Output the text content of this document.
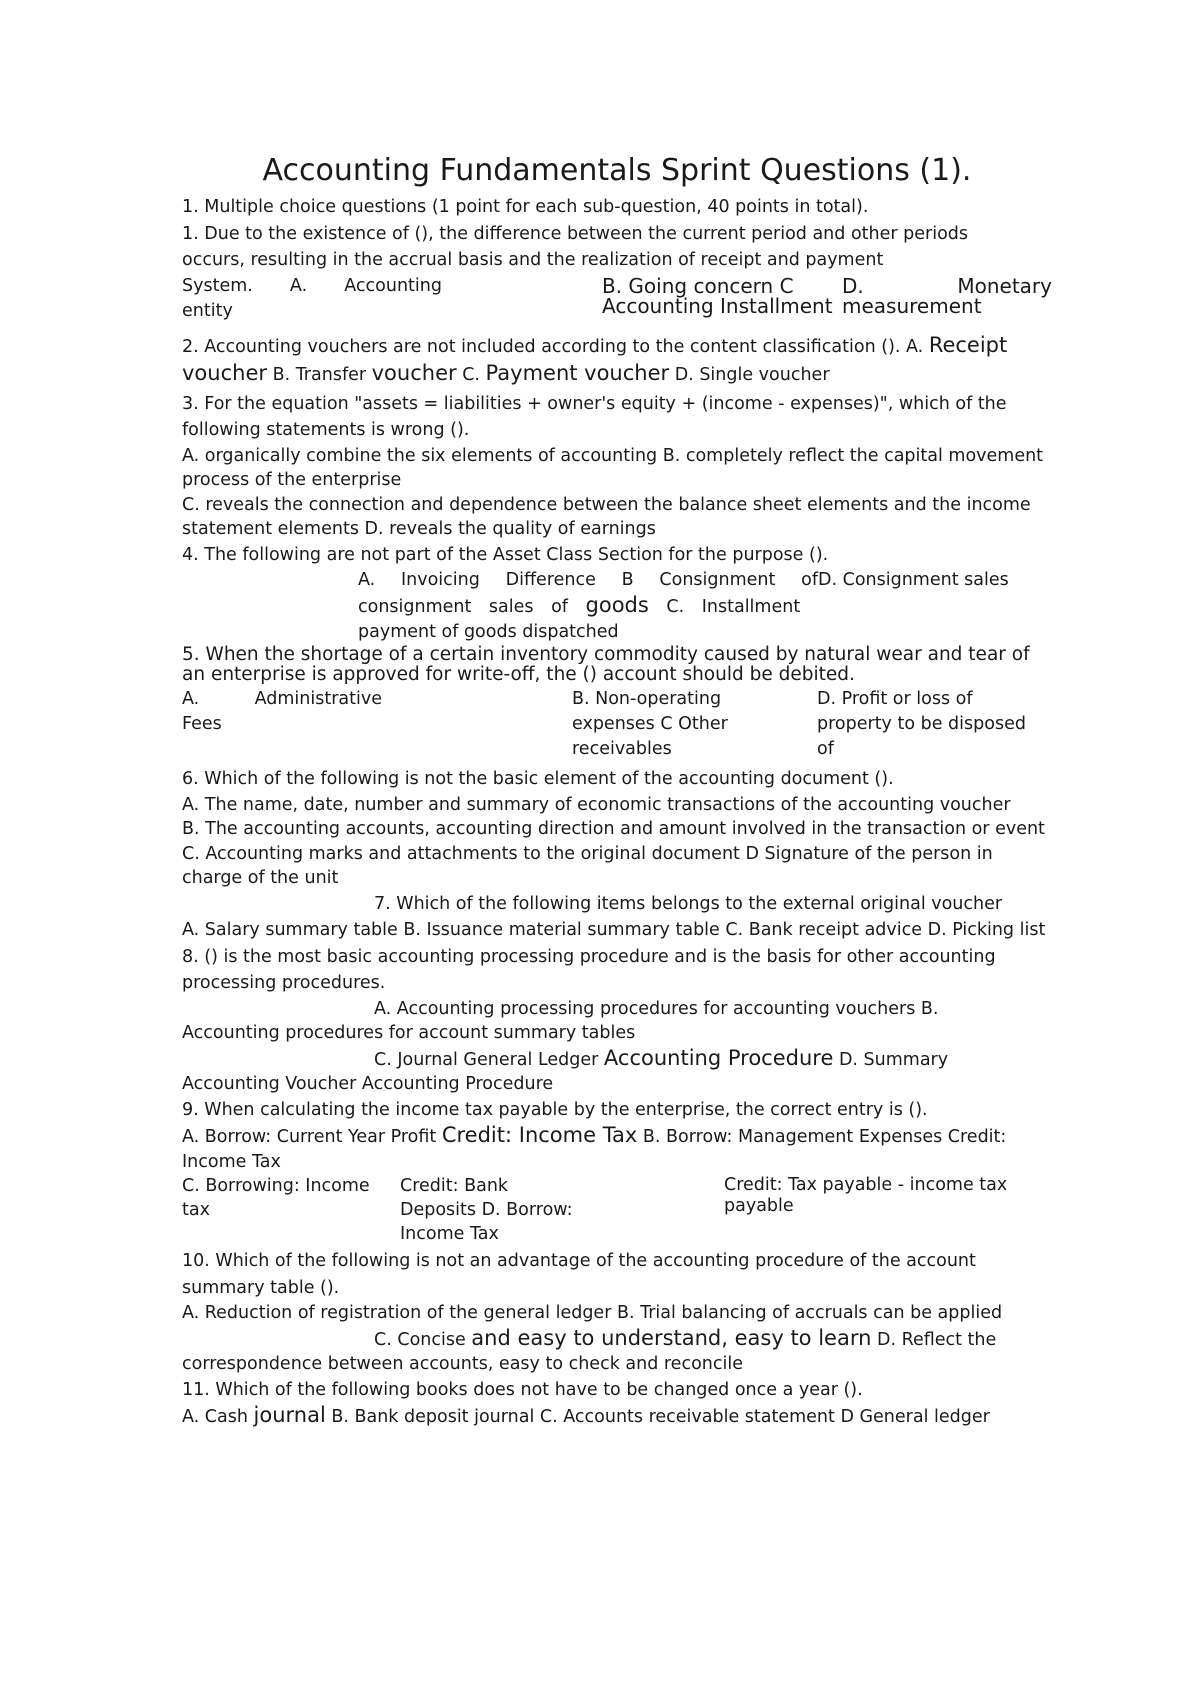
Accounting Fundamentals Sprint Questions (1).

1. Multiple choice questions (1 point for each sub-question, 40 points in total).

1. Due to the existence of (), the difference between the current period and other periods

occurs, resulting in the accrual basis and the realization of receipt and payment

System. A. Accounting
entity
B. Going concern C Accounting Installment
D.	Monetary
measurement

2. Accounting vouchers are not included according to the content classification (). A. Receipt voucher B. Transfer voucher C. Payment voucher D. Single voucher

3. For the equation "assets = liabilities + owner's equity + (income - expenses)", which of the following statements is wrong ().

A. organically combine the six elements of accounting B. completely reflect the capital movement process of the enterprise

C. reveals the connection and dependence between the balance sheet elements and the income statement elements D. reveals the quality of earnings

4. The following are not part of the Asset Class Section for the purpose ().

A. Invoicing Difference B Consignment of
consignment sales of goods C. Installment
payment of goods dispatched
D. Consignment sales

5. When the shortage of a certain inventory commodity caused by natural wear and tear of an enterprise is approved for write-off, the () account should be debited.

A.	Administrative
Fees
B. Non-operating expenses C Other receivables
D. Profit or loss of property to be disposed of

6. Which of the following is not the basic element of the accounting document ().

A. The name, date, number and summary of economic transactions of the accounting voucher

B. The accounting accounts, accounting direction and amount involved in the transaction or event

C. Accounting marks and attachments to the original document D Signature of the person in charge of the unit

7. Which of the following items belongs to the external original voucher

A. Salary summary table B. Issuance material summary table C. Bank receipt advice D. Picking list

8. () is the most basic accounting processing procedure and is the basis for other accounting processing procedures.

A. Accounting processing procedures for accounting vouchers B.

Accounting procedures for account summary tables

C. Journal General Ledger Accounting Procedure D. Summary

Accounting Voucher Accounting Procedure

9. When calculating the income tax payable by the enterprise, the correct entry is ().

A. Borrow: Current Year Profit Credit: Income Tax B. Borrow: Management Expenses Credit:

Income Tax

C. Borrowing: Income tax
Credit: Bank Deposits D. Borrow: Income Tax
Credit: Tax payable - income tax payable

10. Which of the following is not an advantage of the accounting procedure of the account summary table ().

A. Reduction of registration of the general ledger B. Trial balancing of accruals can be applied

C. Concise and easy to understand, easy to learn D. Reflect the

correspondence between accounts, easy to check and reconcile

11. Which of the following books does not have to be changed once a year ().

A. Cash journal B. Bank deposit journal C. Accounts receivable statement D General ledger
